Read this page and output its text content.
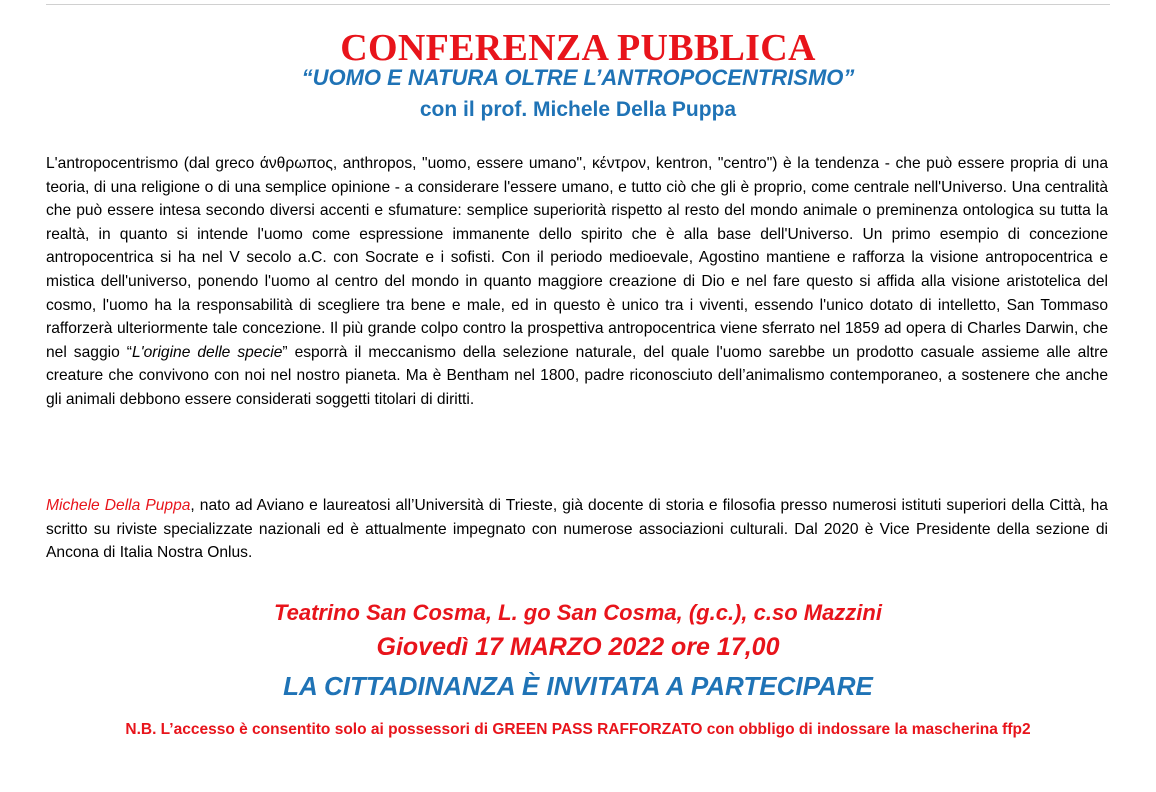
CONFERENZA PUBBLICA
“UOMO E NATURA OLTRE L’ANTROPOCENTRISMO”
con il prof. Michele Della Puppa
L'antropocentrismo (dal greco άνθρωπος, anthropos, "uomo, essere umano", κέντρον, kentron, "centro") è la tendenza - che può essere propria di una teoria, di una religione o di una semplice opinione - a considerare l'essere umano, e tutto ciò che gli è proprio, come centrale nell'Universo. Una centralità che può essere intesa secondo diversi accenti e sfumature: semplice superiorità rispetto al resto del mondo animale o preminenza ontologica su tutta la realtà, in quanto si intende l'uomo come espressione immanente dello spirito che è alla base dell'Universo. Un primo esempio di concezione antropocentrica si ha nel V secolo a.C. con Socrate e i sofisti. Con il periodo medioevale, Agostino mantiene e rafforza la visione antropocentrica e mistica dell'universo, ponendo l'uomo al centro del mondo in quanto maggiore creazione di Dio e nel fare questo si affida alla visione aristotelica del cosmo, l'uomo ha la responsabilità di scegliere tra bene e male, ed in questo è unico tra i viventi, essendo l'unico dotato di intelletto, San Tommaso rafforzerà ulteriormente tale concezione. Il più grande colpo contro la prospettiva antropocentrica viene sferrato nel 1859 ad opera di Charles Darwin, che nel saggio “L'origine delle specie” esporrà il meccanismo della selezione naturale, del quale l'uomo sarebbe un prodotto casuale assieme alle altre creature che convivono con noi nel nostro pianeta. Ma è Bentham nel 1800, padre riconosciuto dell’animalismo contemporaneo, a sostenere che anche gli animali debbono essere considerati soggetti titolari di diritti.
Michele Della Puppa, nato ad Aviano e laureatosi all’Università di Trieste, già docente di storia e filosofia presso numerosi istituti superiori della Città, ha scritto su riviste specializzate nazionali ed è attualmente impegnato con numerose associazioni culturali. Dal 2020 è Vice Presidente della sezione di Ancona di Italia Nostra Onlus.
Teatrino San Cosma, L. go San Cosma, (g.c.), c.so Mazzini
Giovedì 17 MARZO 2022 ore 17,00
LA CITTADINANZA È INVITATA A PARTECIPARE
N.B. L’accesso è consentito solo ai possessori di GREEN PASS RAFFORZATO con obbligo di indossare la mascherina ffp2
